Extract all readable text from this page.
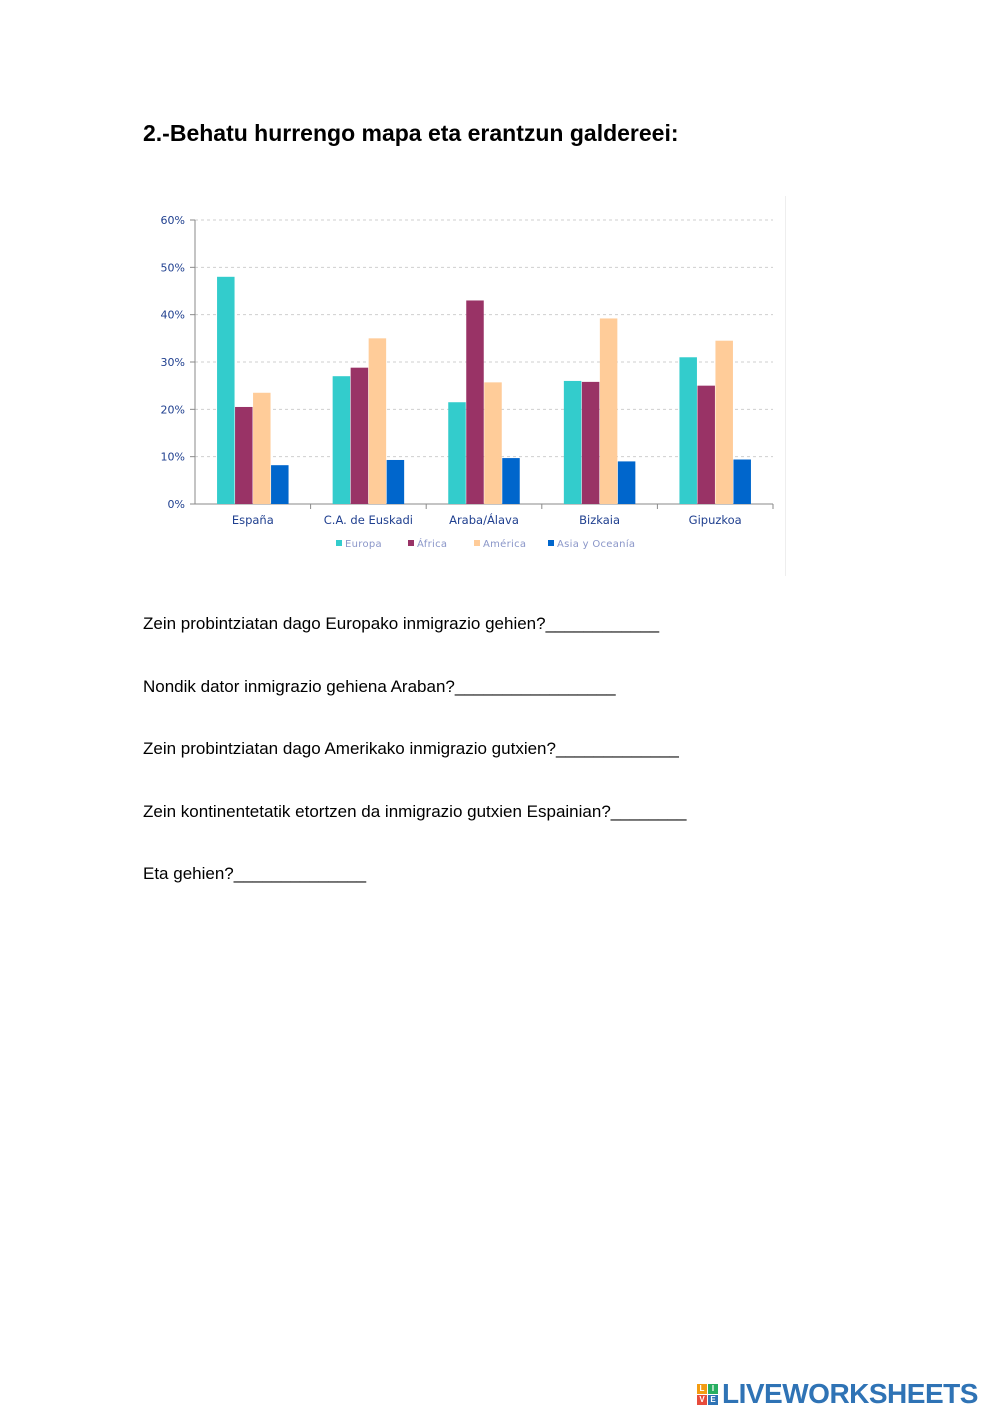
2.-Behatu hurrengo mapa eta erantzun galdereei:
0%
10%
20%
30%
40%
50%
60%
España	C.A. de Euskadi	Araba/Álava	Bizkaia	Gipuzkoa
Europa	África	América	Asia y Oceanía

Zein probintziatan dago Europako inmigrazio gehien?____________

Nondik dator inmigrazio gehiena Araban?_________________

Zein probintziatan dago Amerikako inmigrazio gutxien?_____________

Zein kontinentetatik etortzen da inmigrazio gutxien Espainian?________

Eta gehien?______________

L I
V E LIVEWORKSHEETS
